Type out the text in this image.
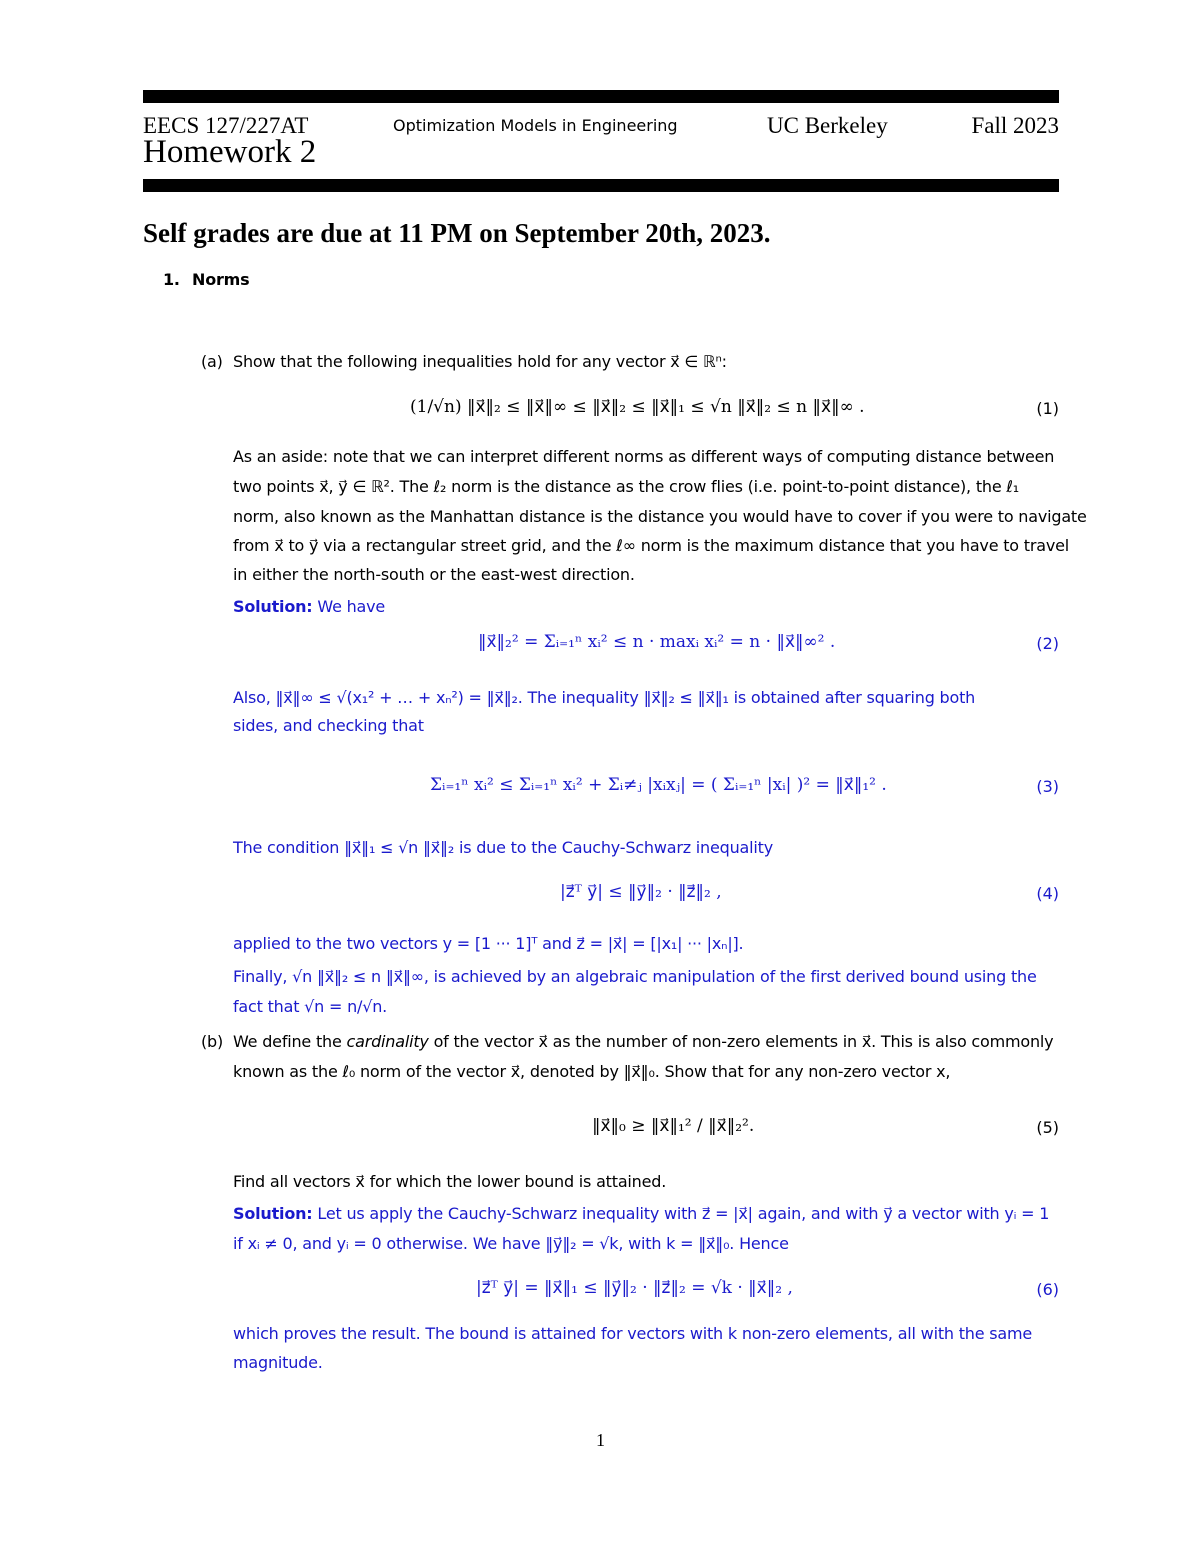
EECS 127/227AT	Optimization Models in Engineering	UC Berkeley	Fall 2023
Homework 2
Self grades are due at 11 PM on September 20th, 2023.
1. Norms
(a) Show that the following inequalities hold for any vector x⃗ ∈ ℝⁿ:
(1/√n) ‖x⃗‖₂ ≤ ‖x⃗‖∞ ≤ ‖x⃗‖₂ ≤ ‖x⃗‖₁ ≤ √n ‖x⃗‖₂ ≤ n ‖x⃗‖∞ .	(1)
As an aside: note that we can interpret different norms as different ways of computing distance between
two points x⃗, y⃗ ∈ ℝ². The ℓ₂ norm is the distance as the crow flies (i.e. point-to-point distance), the ℓ₁
norm, also known as the Manhattan distance is the distance you would have to cover if you were to navigate
from x⃗ to y⃗ via a rectangular street grid, and the ℓ∞ norm is the maximum distance that you have to travel
in either the north-south or the east-west direction.
Solution: We have
‖x⃗‖₂² = Σᵢ₌₁ⁿ xᵢ² ≤ n · maxᵢ xᵢ² = n · ‖x⃗‖∞² .	(2)
Also, ‖x⃗‖∞ ≤ √(x₁² + … + xₙ²) = ‖x⃗‖₂. The inequality ‖x⃗‖₂ ≤ ‖x⃗‖₁ is obtained after squaring both
sides, and checking that
Σᵢ₌₁ⁿ xᵢ² ≤ Σᵢ₌₁ⁿ xᵢ² + Σᵢ≠ⱼ |xᵢxⱼ| = ( Σᵢ₌₁ⁿ |xᵢ| )² = ‖x⃗‖₁² .	(3)
The condition ‖x⃗‖₁ ≤ √n ‖x⃗‖₂ is due to the Cauchy-Schwarz inequality
|z⃗ᵀ y⃗| ≤ ‖y⃗‖₂ · ‖z⃗‖₂ ,	(4)
applied to the two vectors y = [1 ··· 1]ᵀ and z⃗ = |x⃗| = [|x₁| ··· |xₙ|].
Finally, √n ‖x⃗‖₂ ≤ n ‖x⃗‖∞, is achieved by an algebraic manipulation of the first derived bound using the
fact that √n = n/√n.
(b) We define the cardinality of the vector x⃗ as the number of non-zero elements in x⃗. This is also commonly
known as the ℓ₀ norm of the vector x⃗, denoted by ‖x⃗‖₀. Show that for any non-zero vector x,
‖x⃗‖₀ ≥ ‖x⃗‖₁² / ‖x⃗‖₂².	(5)
Find all vectors x⃗ for which the lower bound is attained.
Solution: Let us apply the Cauchy-Schwarz inequality with z⃗ = |x⃗| again, and with y⃗ a vector with yᵢ = 1
if xᵢ ≠ 0, and yᵢ = 0 otherwise. We have ‖y⃗‖₂ = √k, with k = ‖x⃗‖₀. Hence
|z⃗ᵀ y⃗| = ‖x⃗‖₁ ≤ ‖y⃗‖₂ · ‖z⃗‖₂ = √k · ‖x⃗‖₂ ,	(6)
which proves the result. The bound is attained for vectors with k non-zero elements, all with the same
magnitude.
1
